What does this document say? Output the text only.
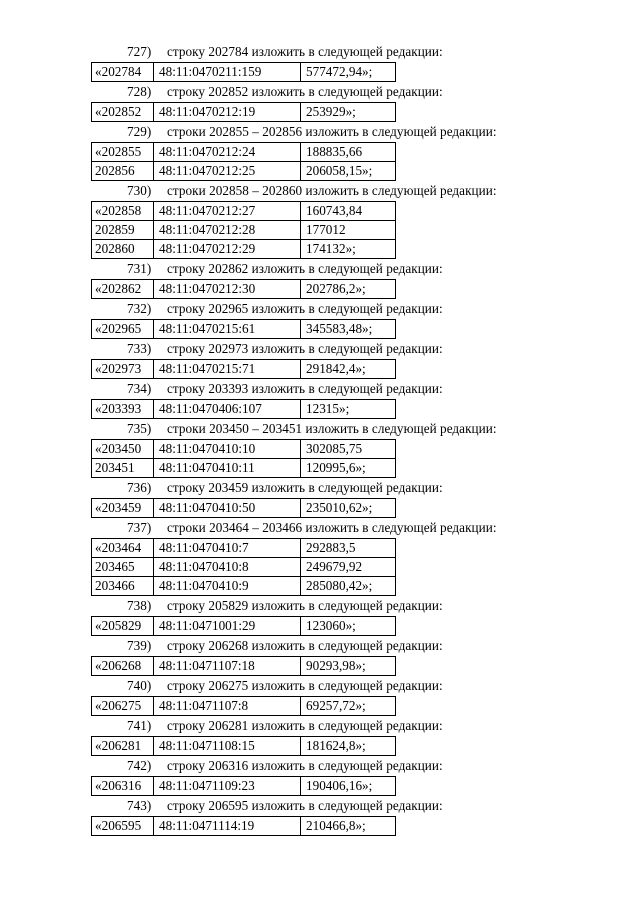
727) строку 202784 изложить в следующей редакции:
«202784	48:11:0470211:159	577472,94»;
728) строку 202852 изложить в следующей редакции:
«202852	48:11:0470212:19	253929»;
729) строки 202855 – 202856 изложить в следующей редакции:
«202855	48:11:0470212:24	188835,66
202856	48:11:0470212:25	206058,15»;
730) строки 202858 – 202860 изложить в следующей редакции:
«202858	48:11:0470212:27	160743,84
202859	48:11:0470212:28	177012
202860	48:11:0470212:29	174132»;
731) строку 202862 изложить в следующей редакции:
«202862	48:11:0470212:30	202786,2»;
732) строку 202965 изложить в следующей редакции:
«202965	48:11:0470215:61	345583,48»;
733) строку 202973 изложить в следующей редакции:
«202973	48:11:0470215:71	291842,4»;
734) строку 203393 изложить в следующей редакции:
«203393	48:11:0470406:107	12315»;
735) строки 203450 – 203451 изложить в следующей редакции:
«203450	48:11:0470410:10	302085,75
203451	48:11:0470410:11	120995,6»;
736) строку 203459 изложить в следующей редакции:
«203459	48:11:0470410:50	235010,62»;
737) строки 203464 – 203466 изложить в следующей редакции:
«203464	48:11:0470410:7	292883,5
203465	48:11:0470410:8	249679,92
203466	48:11:0470410:9	285080,42»;
738) строку 205829 изложить в следующей редакции:
«205829	48:11:0471001:29	123060»;
739) строку 206268 изложить в следующей редакции:
«206268	48:11:0471107:18	90293,98»;
740) строку 206275 изложить в следующей редакции:
«206275	48:11:0471107:8	69257,72»;
741) строку 206281 изложить в следующей редакции:
«206281	48:11:0471108:15	181624,8»;
742) строку 206316 изложить в следующей редакции:
«206316	48:11:0471109:23	190406,16»;
743) строку 206595 изложить в следующей редакции:
«206595	48:11:0471114:19	210466,8»;
